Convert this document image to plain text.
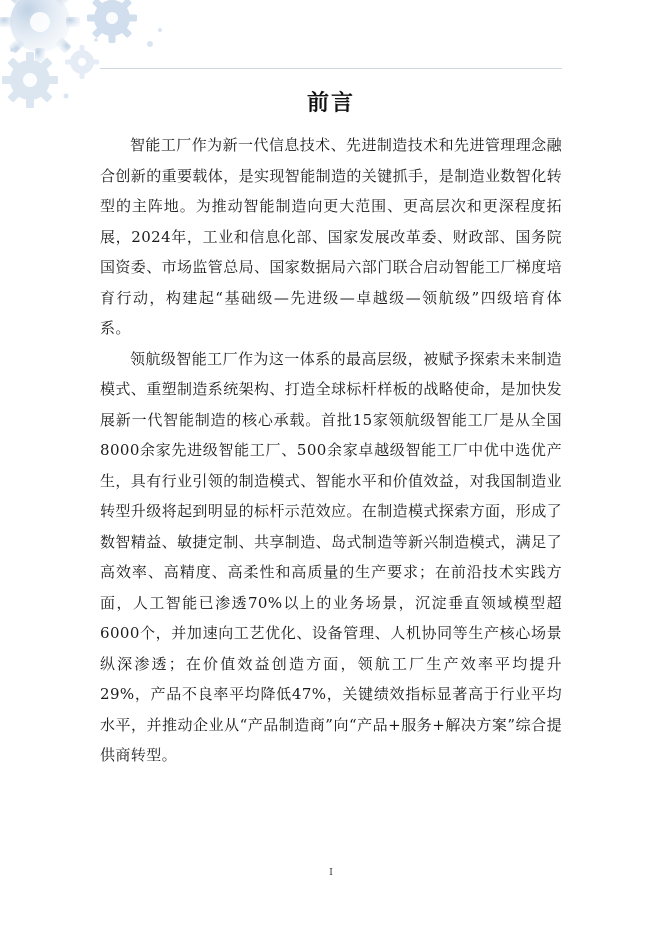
前言

智能工厂作为新一代信息技术、先进制造技术和先进管理理念融合创新的重要载体，是实现智能制造的关键抓手，是制造业数智化转型的主阵地。为推动智能制造向更大范围、更高层次和更深程度拓展，2024年，工业和信息化部、国家发展改革委、财政部、国务院国资委、市场监管总局、国家数据局六部门联合启动智能工厂梯度培育行动，构建起“基础级—先进级—卓越级—领航级”四级培育体系。

领航级智能工厂作为这一体系的最高层级，被赋予探索未来制造模式、重塑制造系统架构、打造全球标杆样板的战略使命，是加快发展新一代智能制造的核心承载。首批15家领航级智能工厂是从全国8000余家先进级智能工厂、500余家卓越级智能工厂中优中选优产生，具有行业引领的制造模式、智能水平和价值效益，对我国制造业转型升级将起到明显的标杆示范效应。在制造模式探索方面，形成了数智精益、敏捷定制、共享制造、岛式制造等新兴制造模式，满足了高效率、高精度、高柔性和高质量的生产要求；在前沿技术实践方面，人工智能已渗透70%以上的业务场景，沉淀垂直领域模型超6000个，并加速向工艺优化、设备管理、人机协同等生产核心场景纵深渗透；在价值效益创造方面，领航工厂生产效率平均提升29%，产品不良率平均降低47%，关键绩效指标显著高于行业平均水平，并推动企业从“产品制造商”向“产品+服务+解决方案”综合提供商转型。

I
